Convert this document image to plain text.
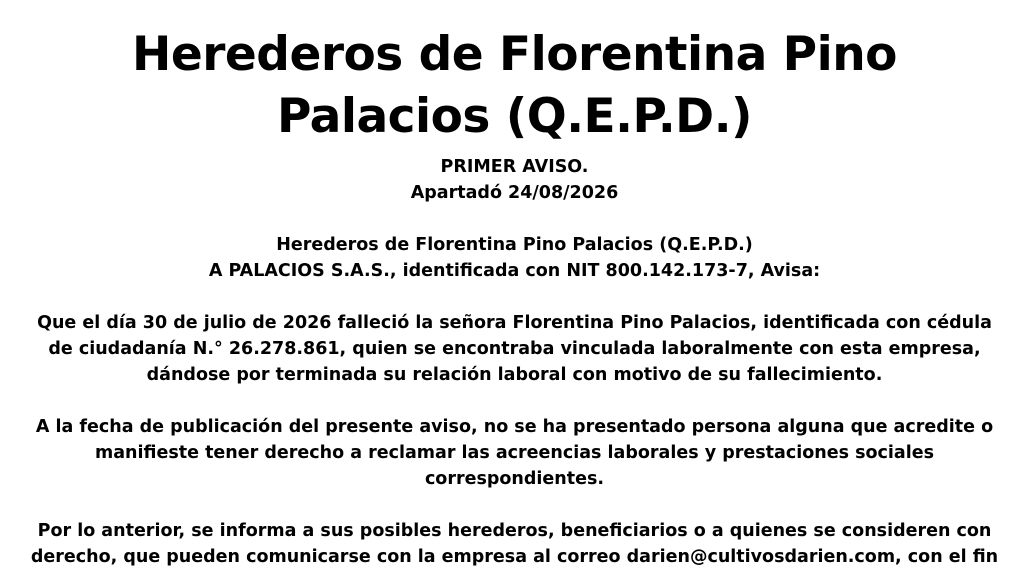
Herederos de Florentina Pino
Palacios (Q.E.P.D.)
PRIMER AVISO.
Apartadó 24/08/2026
Herederos de Florentina Pino Palacios (Q.E.P.D.)
A PALACIOS S.A.S., identificada con NIT 800.142.173-7, Avisa:
Que el día 30 de julio de 2026 falleció la señora Florentina Pino Palacios, identificada con cédula
de ciudadanía N.° 26.278.861, quien se encontraba vinculada laboralmente con esta empresa,
dándose por terminada su relación laboral con motivo de su fallecimiento.
A la fecha de publicación del presente aviso, no se ha presentado persona alguna que acredite o
manifieste tener derecho a reclamar las acreencias laborales y prestaciones sociales
correspondientes.
Por lo anterior, se informa a sus posibles herederos, beneficiarios o a quienes se consideren con
derecho, que pueden comunicarse con la empresa al correo darien@cultivosdarien.com, con el fin
